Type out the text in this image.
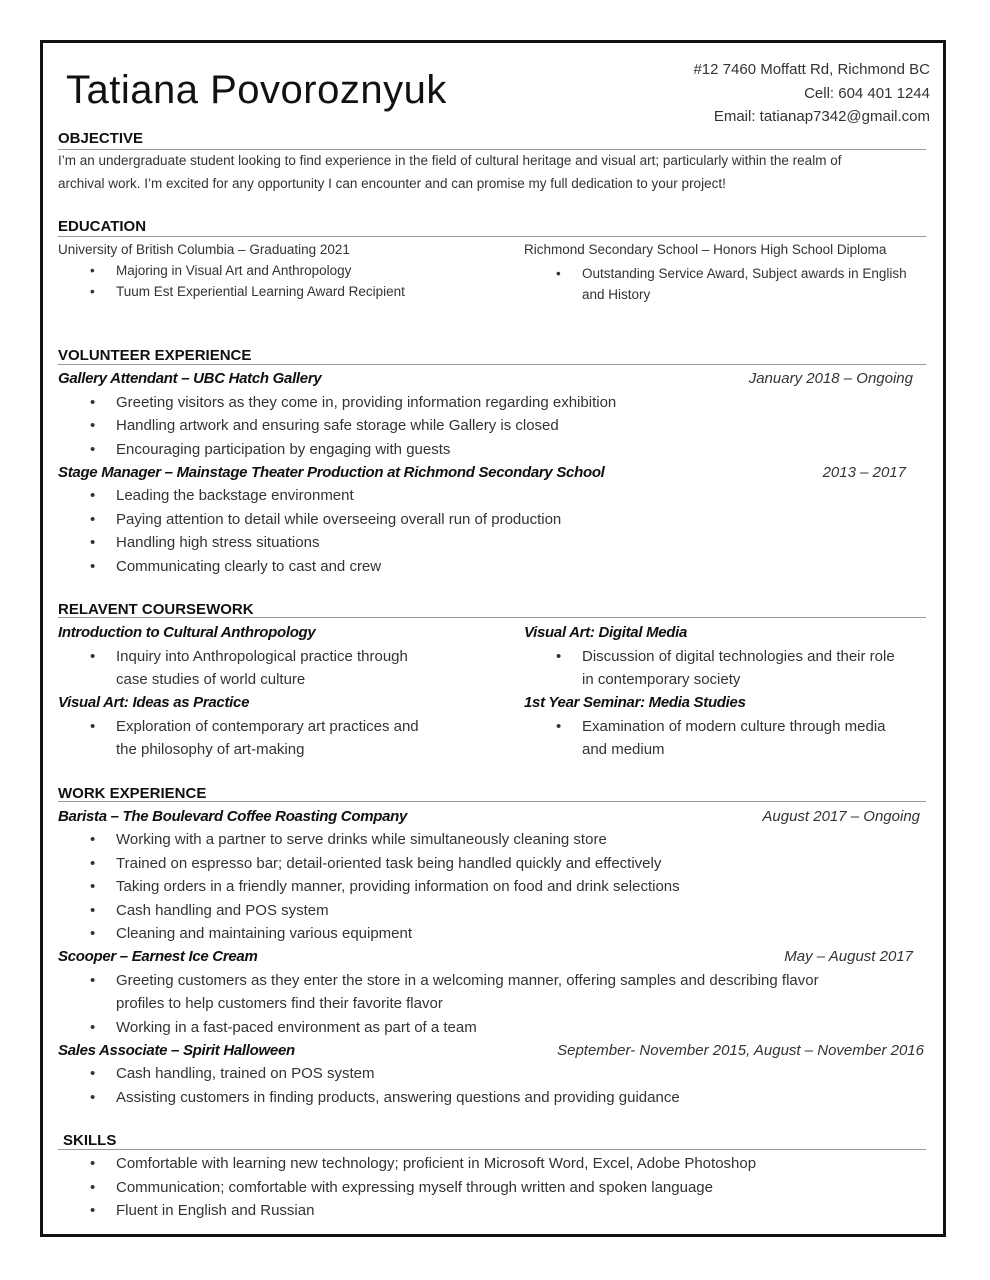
Tatiana Povoroznyuk	#12 7460 Moffatt Rd, Richmond BC
Cell: 604 401 1244
Email: tatianap7342@gmail.com
OBJECTIVE
I’m an undergraduate student looking to find experience in the field of cultural heritage and visual art; particularly within the realm of
archival work. I’m excited for any opportunity I can encounter and can promise my full dedication to your project!
EDUCATION
University of British Columbia – Graduating 2021
• Majoring in Visual Art and Anthropology
• Tuum Est Experiential Learning Award Recipient
Richmond Secondary School – Honors High School Diploma
• Outstanding Service Award, Subject awards in English
and History
VOLUNTEER EXPERIENCE
Gallery Attendant – UBC Hatch Gallery	January 2018 – Ongoing
• Greeting visitors as they come in, providing information regarding exhibition
• Handling artwork and ensuring safe storage while Gallery is closed
• Encouraging participation by engaging with guests
Stage Manager – Mainstage Theater Production at Richmond Secondary School	2013 – 2017
• Leading the backstage environment
• Paying attention to detail while overseeing overall run of production
• Handling high stress situations
• Communicating clearly to cast and crew
RELAVENT COURSEWORK
Introduction to Cultural Anthropology
• Inquiry into Anthropological practice through
case studies of world culture
Visual Art: Digital Media
• Discussion of digital technologies and their role
in contemporary society
Visual Art: Ideas as Practice
• Exploration of contemporary art practices and
the philosophy of art-making
1st Year Seminar: Media Studies
• Examination of modern culture through media
and medium
WORK EXPERIENCE
Barista – The Boulevard Coffee Roasting Company	August 2017 – Ongoing
• Working with a partner to serve drinks while simultaneously cleaning store
• Trained on espresso bar; detail-oriented task being handled quickly and effectively
• Taking orders in a friendly manner, providing information on food and drink selections
• Cash handling and POS system
• Cleaning and maintaining various equipment
Scooper – Earnest Ice Cream	May – August 2017
• Greeting customers as they enter the store in a welcoming manner, offering samples and describing flavor
profiles to help customers find their favorite flavor
• Working in a fast-paced environment as part of a team
Sales Associate – Spirit Halloween	September- November 2015, August – November 2016
• Cash handling, trained on POS system
• Assisting customers in finding products, answering questions and providing guidance
SKILLS
• Comfortable with learning new technology; proficient in Microsoft Word, Excel, Adobe Photoshop
• Communication; comfortable with expressing myself through written and spoken language
• Fluent in English and Russian
